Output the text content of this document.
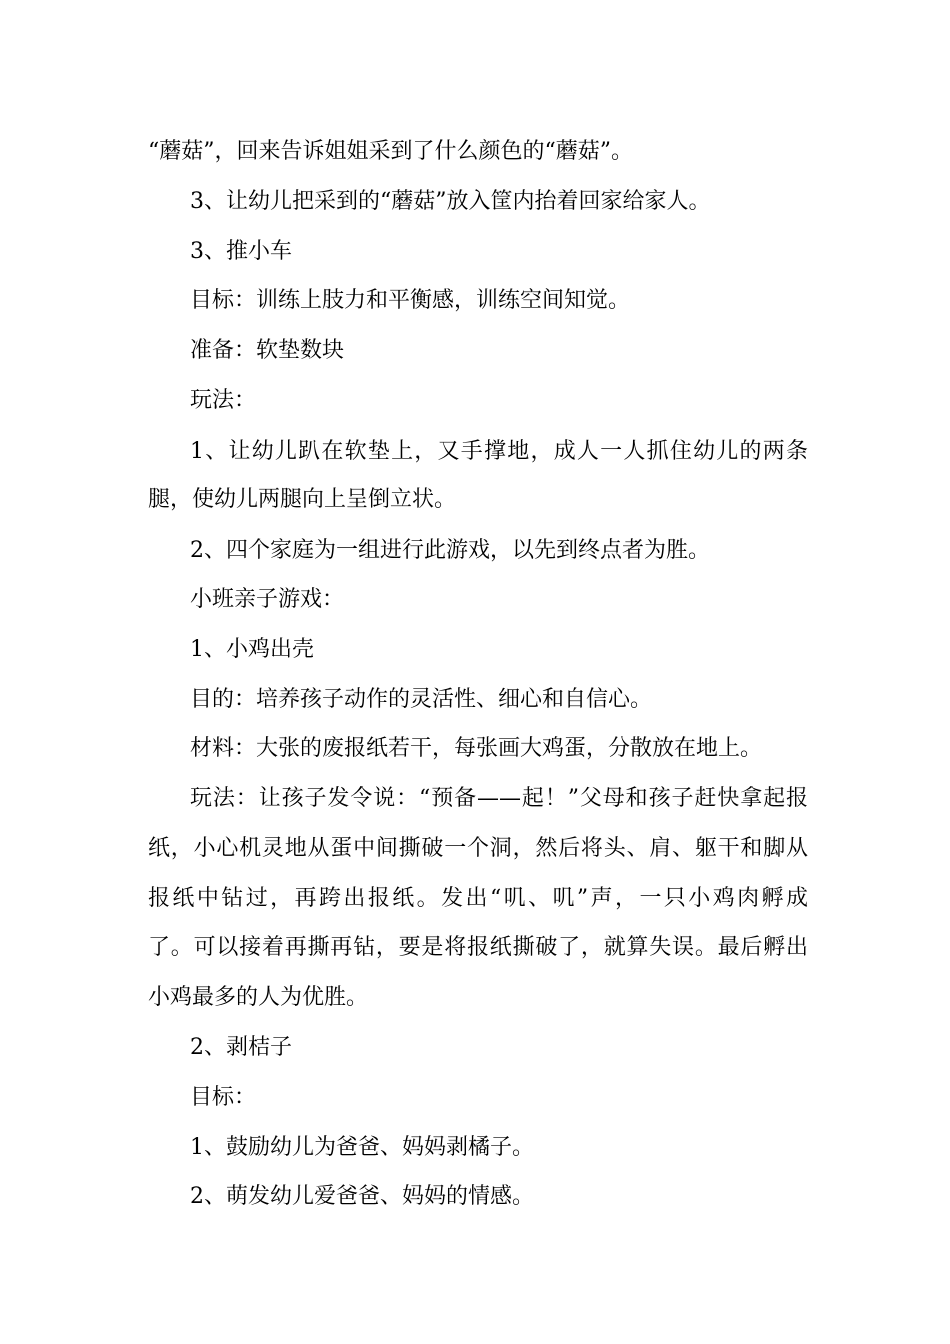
“蘑菇”，回来告诉姐姐采到了什么颜色的“蘑菇”。
3、让幼儿把采到的“蘑菇”放入筐内抬着回家给家人。
3、推小车
目标：训练上肢力和平衡感，训练空间知觉。
准备：软垫数块
玩法：
1、让幼儿趴在软垫上，又手撑地，成人一人抓住幼儿的两条
腿，使幼儿两腿向上呈倒立状。
2、四个家庭为一组进行此游戏，以先到终点者为胜。
小班亲子游戏：
1、小鸡出壳
目的：培养孩子动作的灵活性、细心和自信心。
材料：大张的废报纸若干，每张画大鸡蛋，分散放在地上。
玩法：让孩子发令说：“预备——起！”父母和孩子赶快拿起报
纸，小心机灵地从蛋中间撕破一个洞，然后将头、肩、躯干和脚从
报纸中钻过，再跨出报纸。发出“叽、叽”声，一只小鸡肉孵成
了。可以接着再撕再钻，要是将报纸撕破了，就算失误。最后孵出
小鸡最多的人为优胜。
2、剥桔子
目标：
1、鼓励幼儿为爸爸、妈妈剥橘子。
2、萌发幼儿爱爸爸、妈妈的情感。
